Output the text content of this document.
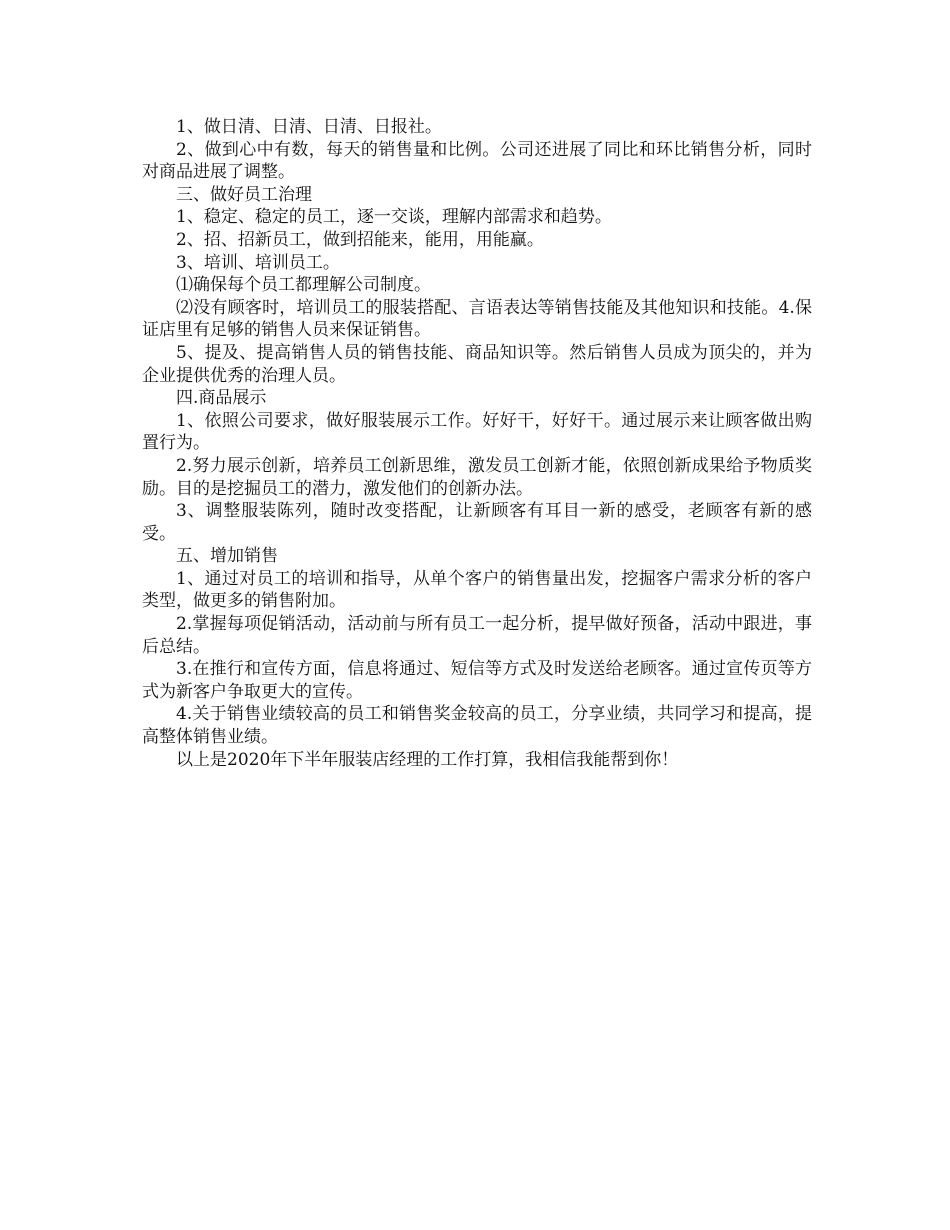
1、做日清、日清、日清、日报社。

2、做到心中有数，每天的销售量和比例。公司还进展了同比和环比销售分析，同时对商品进展了调整。

三、做好员工治理

1、稳定、稳定的员工，逐一交谈，理解内部需求和趋势。

2、招、招新员工，做到招能来，能用，用能赢。

3、培训、培训员工。

⑴确保每个员工都理解公司制度。

⑵没有顾客时，培训员工的服装搭配、言语表达等销售技能及其他知识和技能。4.保证店里有足够的销售人员来保证销售。

5、提及、提高销售人员的销售技能、商品知识等。然后销售人员成为顶尖的，并为企业提供优秀的治理人员。

四.商品展示

1、依照公司要求，做好服装展示工作。好好干，好好干。通过展示来让顾客做出购置行为。

2.努力展示创新，培养员工创新思维，激发员工创新才能，依照创新成果给予物质奖励。目的是挖掘员工的潜力，激发他们的创新办法。

3、调整服装陈列，随时改变搭配，让新顾客有耳目一新的感受，老顾客有新的感受。

五、增加销售

1、通过对员工的培训和指导，从单个客户的销售量出发，挖掘客户需求分析的客户类型，做更多的销售附加。

2.掌握每项促销活动，活动前与所有员工一起分析，提早做好预备，活动中跟进，事后总结。

3.在推行和宣传方面，信息将通过、短信等方式及时发送给老顾客。通过宣传页等方式为新客户争取更大的宣传。

4.关于销售业绩较高的员工和销售奖金较高的员工，分享业绩，共同学习和提高，提高整体销售业绩。

以上是2020年下半年服装店经理的工作打算，我相信我能帮到你！
